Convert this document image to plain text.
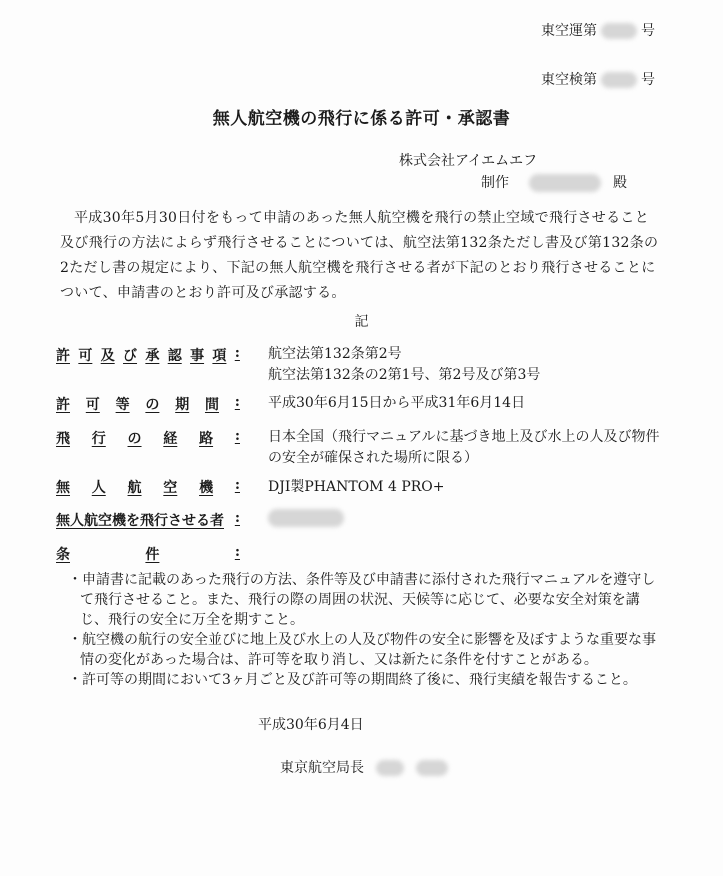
東空運第	号
東空検第	号
無人航空機の飛行に係る許可・承認書
株式会社アイエムエフ
制作	殿
平成30年5月30日付をもって申請のあった無人航空機を飛行の禁止空域で飛行させること及び飛行の方法によらず飛行させることについては、航空法第132条ただし書及び第132条の2ただし書の規定により、下記の無人航空機を飛行させる者が下記のとおり飛行させることについて、申請書のとおり許可及び承認する。
記
許 可 及 び 承 認 事 項 : 航空法第132条第2号
航空法第132条の2第1号、第2号及び第3号
許 可 等 の 期 間 : 平成30年6月15日から平成31年6月14日
飛 行 の 経 路 : 日本全国（飛行マニュアルに基づき地上及び水上の人及び物件の安全が確保された場所に限る）
無 人 航 空 機 : DJI製PHANTOM 4 PRO+
無人航空機を飛行させる者 :
条	件	:

・申請書に記載のあった飛行の方法、条件等及び申請書に添付された飛行マニュアルを遵守して飛行させること。また、飛行の際の周囲の状況、天候等に応じて、必要な安全対策を講じ、飛行の安全に万全を期すこと。

・航空機の航行の安全並びに地上及び水上の人及び物件の安全に影響を及ぼすような重要な事情の変化があった場合は、許可等を取り消し、又は新たに条件を付すことがある。

・許可等の期間において3ヶ月ごと及び許可等の期間終了後に、飛行実績を報告すること。

平成30年6月4日
東京航空局長
